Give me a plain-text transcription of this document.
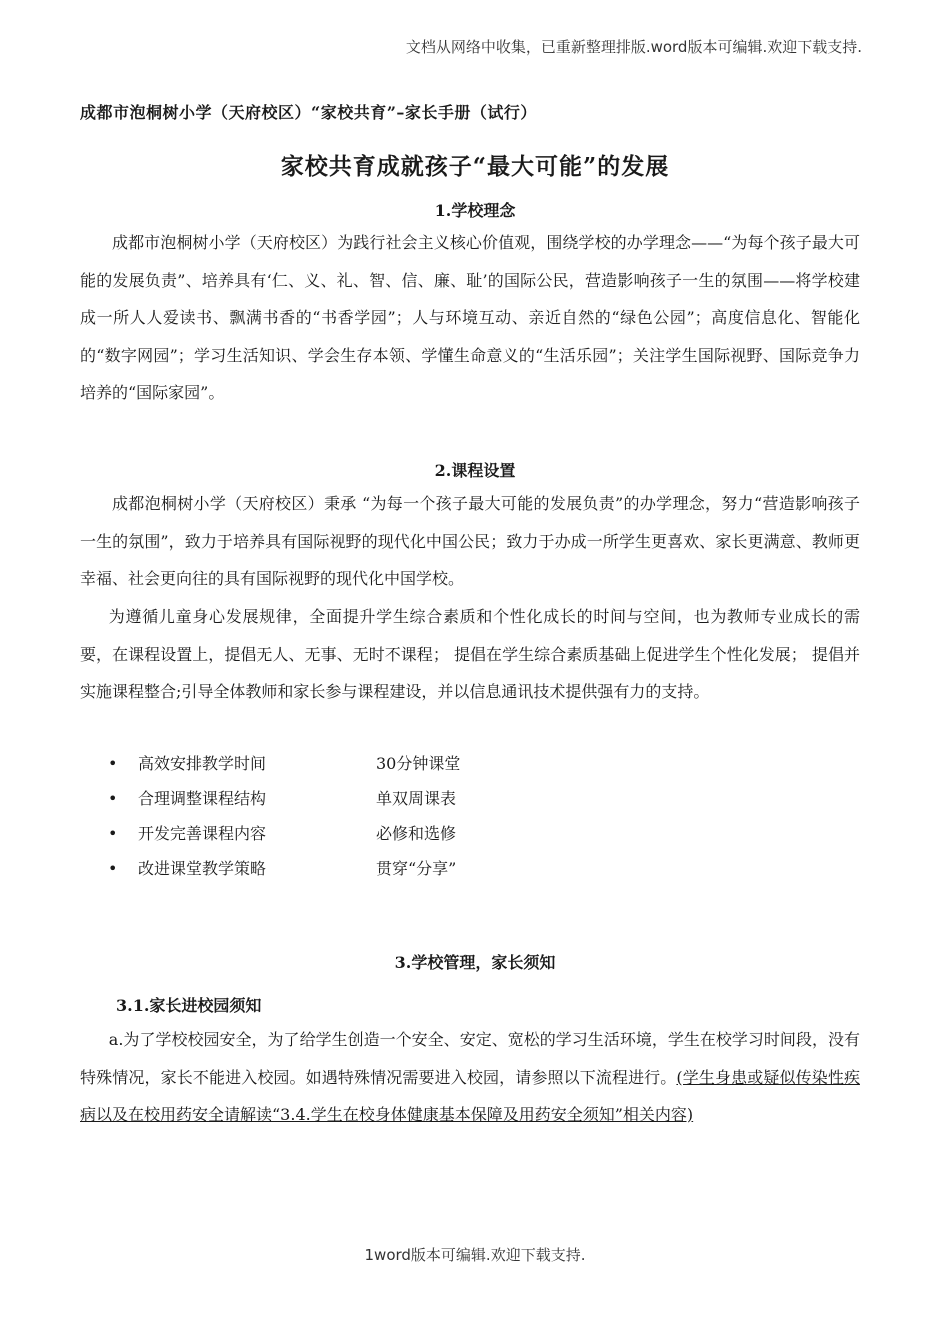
文档从网络中收集，已重新整理排版.word版本可编辑.欢迎下载支持.
成都市泡桐树小学（天府校区）“家校共育”–家长手册（试行）
家校共育成就孩子“最大可能”的发展
1.学校理念

成都市泡桐树小学（天府校区）为践行社会主义核心价值观，围绕学校的办学理念——“为每个孩子最大可能的发展负责”、培养具有‘仁、义、礼、智、信、廉、耻’的国际公民，营造影响孩子一生的氛围——将学校建成一所人人爱读书、飘满书香的“书香学园”；人与环境互动、亲近自然的“绿色公园”；高度信息化、智能化的“数字网园”；学习生活知识、学会生存本领、学懂生命意义的“生活乐园”；关注学生国际视野、国际竞争力培养的“国际家园”。

2.课程设置

成都泡桐树小学（天府校区）秉承 “为每一个孩子最大可能的发展负责”的办学理念，努力“营造影响孩子一生的氛围”，致力于培养具有国际视野的现代化中国公民；致力于办成一所学生更喜欢、家长更满意、教师更幸福、社会更向往的具有国际视野的现代化中国学校。

为遵循儿童身心发展规律，全面提升学生综合素质和个性化成长的时间与空间，也为教师专业成长的需要，在课程设置上，提倡无人、无事、无时不课程； 提倡在学生综合素质基础上促进学生个性化发展； 提倡并实施课程整合;引导全体教师和家长参与课程建设，并以信息通讯技术提供强有力的支持。

•	高效安排教学时间	30分钟课堂
•	合理调整课程结构	单双周课表
•	开发完善课程内容	必修和选修
•	改进课堂教学策略	贯穿“分享”
3.学校管理，家长须知
3.1.家长进校园须知

a.为了学校校园安全，为了给学生创造一个安全、安定、宽松的学习生活环境，学生在校学习时间段，没有特殊情况，家长不能进入校园。如遇特殊情况需要进入校园，请参照以下流程进行。(学生身患或疑似传染性疾病以及在校用药安全请解读“3.4.学生在校身体健康基本保障及用药安全须知”相关内容)

1word版本可编辑.欢迎下载支持.
